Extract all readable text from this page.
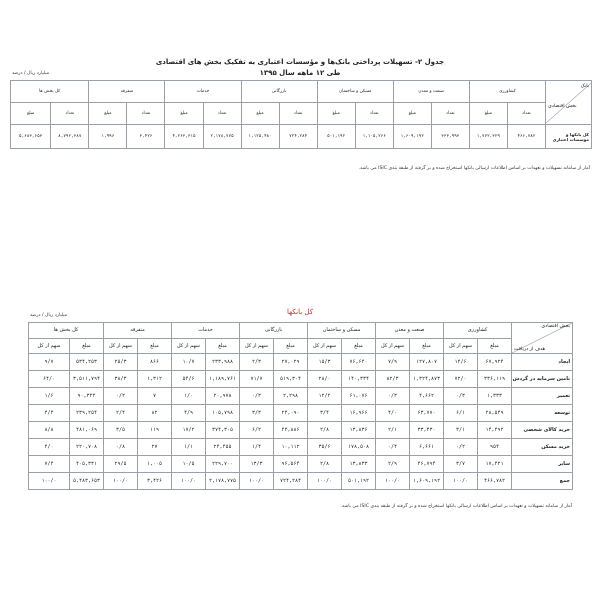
جدول ۲- تسهیلات پرداختی بانک‌ها و مؤسسات اعتباری به تفکیک بخش های اقتصادی
طی ۱۲ ماهه سال ۱۳۹۵
میلیارد ریال / درصد
بانک
بخش اقتصادی	کشاورزی		صنعت و معدن		مسکن و ساختمان		بازرگانی		خدمات		متفرقه		کل بخش ها	
	تعداد	مبلغ	تعداد	مبلغ	تعداد	مبلغ	تعداد	مبلغ	تعداد	مبلغ	تعداد	مبلغ	تعداد	مبلغ
کل بانکها و موسسات اعتباری	۴۶۶,۷۸۲	۱,۷۷۲,۳۲۹	۳۳۳,۹۹۳	۱,۶۰۹,۱۹۲	۱,۱۰۵,۲۶۶	۵۰۱,۱۹۲	۷۲۴,۲۸۴	۱,۱۲۵,۴۸۰	۲,۱۷۸,۷۷۵	۴,۲۶۳,۳۱۵	۳,۴۲۶	۱,۹۹۶	۸,۷۹۲,۳۸۷	۵,۶۸۳,۶۵۳
آمار از سامانه تسهیلات و تعهدات بر اساس اطلاعات ارسالی بانکها استخراج شده و بر گرفته از طبقه بندی ISIC می باشد.
کل بانکها
میلیارد ریال / درصد
بخش اقتصادی
هدف از دریافت	کشاورزی		صنعت و معدن		مسکن و ساختمان		بازرگانی		خدمات		متفرقه		کل بخش ها	
	مبلغ	سهم از کل	مبلغ	سهم از کل	مبلغ	سهم از کل	مبلغ	سهم از کل	مبلغ	سهم از کل	مبلغ	سهم از کل	مبلغ	سهم از کل
ایجاد	۶۷,۹۲۴	۱۴/۶	۱۲۷,۸۰۷	۷/۹	۷۶,۶۴۰	۱۵/۳	۲۷,۰۲۹	۲/۳	۲۳۳,۹۸۸	۱۰/۷	۸۶۶	۲۵/۳	۵۳۴,۲۵۳	۹/۷
تامین سرمایه در گردش	۳۳۶,۱۱۹	۷۲/۰	۱,۳۲۴,۸۷۳	۸۲/۳	۱۴۰,۳۳۴	۲۸/۰	۵۱۹,۳۰۴	۷۱/۷	۱,۱۸۹,۷۶۱	۵۴/۶	۱,۳۱۲	۳۸/۳	۳,۵۱۱,۷۹۴	۶۴/۰
تعمیر	۱,۳۳۳	۰/۳	۴,۶۶۲	۰/۳	۶۱,۰۷۶	۱۲/۲	۲,۲۹۸	۰/۳	۲۰,۹۷۸	۱/۰	۷	۰/۲	۹۰,۳۴۴	۱/۶
توسعه	۲۸,۵۴۹	۶/۱	۶۳,۷۷۰	۴/۰	۱۶,۹۶۶	۳/۴	۲۴,۰۹۰	۳/۳	۱۰۵,۷۹۸	۴/۹	۸۲	۲/۴	۲۳۹,۲۵۴	۴/۴
خرید کالای شخصی	۱۴,۴۹۲	۳/۱	۳۳,۴۳۰	۲/۱	۱۳,۸۳۶	۲/۸	۴۴,۸۸۶	۶/۲	۳۷۴,۳۰۵	۱۷/۲	۱۱۹	۳/۵	۴۸۱,۰۶۹	۸/۸
خرید مسکن	۹۵۴	۰/۲	۶,۶۶۱	۰/۴	۱۷۸,۵۰۸	۳۵/۶	۱۰,۱۱۲	۱/۴	۲۴,۴۵۵	۱/۱	۲۷	۰/۸	۲۲۰,۷۰۸	۴/۰
سایر	۱۷,۴۲۱	۳/۷	۴۶,۷۹۴	۲/۹	۱۳,۸۳۳	۲/۸	۹۶,۵۶۴	۱۳/۳	۲۲۹,۷۰۰	۱۰/۵	۱,۰۰۵	۲۹/۵	۴۰۵,۳۳۱	۷/۴
جمع	۴۶۶,۷۸۲	۱۰۰/۰	۱,۶۰۹,۱۹۲	۱۰۰/۰	۵۰۱,۱۹۲	۱۰۰/۰	۷۲۴,۲۸۴	۱۰۰/۰	۲,۱۷۸,۷۷۵	۱۰۰/۰	۳,۴۲۶	۱۰۰/۰	۵,۴۸۳,۶۵۳	۱۰۰/۰
آمار از سامانه تسهیلات و تعهدات بر اساس اطلاعات ارسالی بانکها استخراج شده و بر گرفته از طبقه بندی ISIC می باشد.
